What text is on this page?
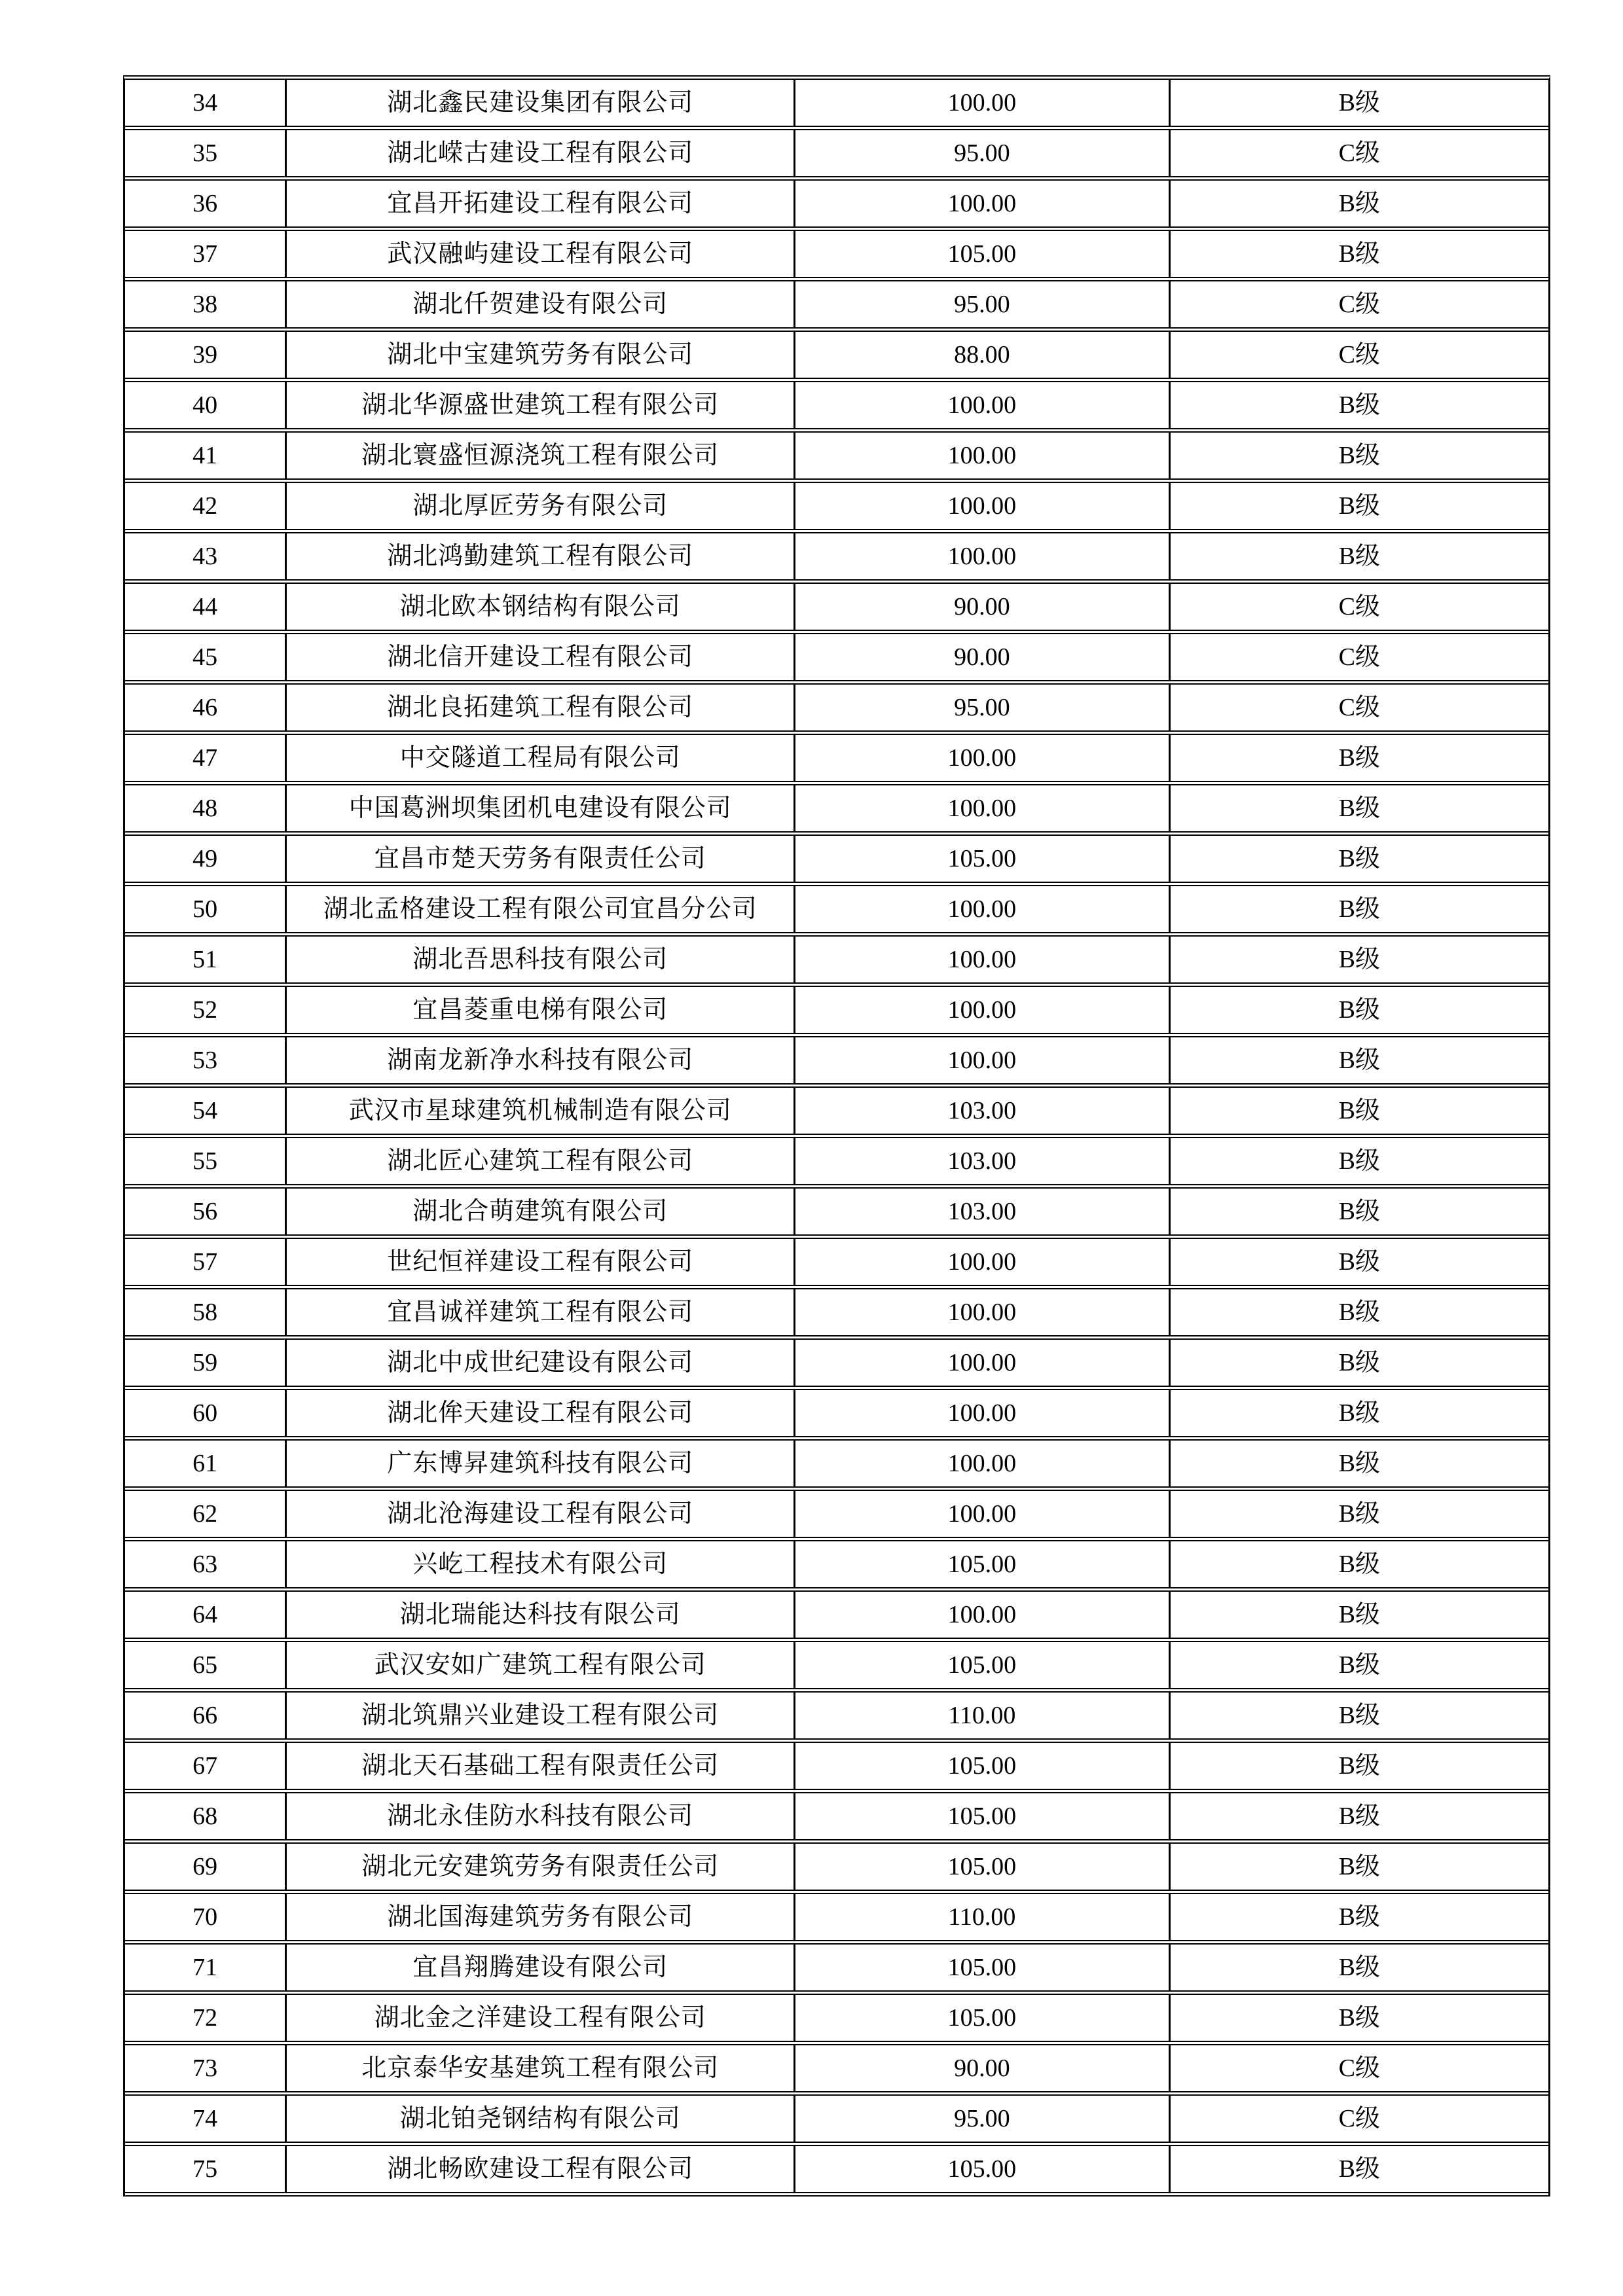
34	湖北鑫民建设集团有限公司	100.00	B级
35	湖北嵘古建设工程有限公司	95.00	C级
36	宜昌开拓建设工程有限公司	100.00	B级
37	武汉融屿建设工程有限公司	105.00	B级
38	湖北仟贺建设有限公司	95.00	C级
39	湖北中宝建筑劳务有限公司	88.00	C级
40	湖北华源盛世建筑工程有限公司	100.00	B级
41	湖北寰盛恒源浇筑工程有限公司	100.00	B级
42	湖北厚匠劳务有限公司	100.00	B级
43	湖北鸿勤建筑工程有限公司	100.00	B级
44	湖北欧本钢结构有限公司	90.00	C级
45	湖北信开建设工程有限公司	90.00	C级
46	湖北良拓建筑工程有限公司	95.00	C级
47	中交隧道工程局有限公司	100.00	B级
48	中国葛洲坝集团机电建设有限公司	100.00	B级
49	宜昌市楚天劳务有限责任公司	105.00	B级
50	湖北孟格建设工程有限公司宜昌分公司	100.00	B级
51	湖北吾思科技有限公司	100.00	B级
52	宜昌菱重电梯有限公司	100.00	B级
53	湖南龙新净水科技有限公司	100.00	B级
54	武汉市星球建筑机械制造有限公司	103.00	B级
55	湖北匠心建筑工程有限公司	103.00	B级
56	湖北合萌建筑有限公司	103.00	B级
57	世纪恒祥建设工程有限公司	100.00	B级
58	宜昌诚祥建筑工程有限公司	100.00	B级
59	湖北中成世纪建设有限公司	100.00	B级
60	湖北侔天建设工程有限公司	100.00	B级
61	广东博昇建筑科技有限公司	100.00	B级
62	湖北沧海建设工程有限公司	100.00	B级
63	兴屹工程技术有限公司	105.00	B级
64	湖北瑞能达科技有限公司	100.00	B级
65	武汉安如广建筑工程有限公司	105.00	B级
66	湖北筑鼎兴业建设工程有限公司	110.00	B级
67	湖北天石基础工程有限责任公司	105.00	B级
68	湖北永佳防水科技有限公司	105.00	B级
69	湖北元安建筑劳务有限责任公司	105.00	B级
70	湖北国海建筑劳务有限公司	110.00	B级
71	宜昌翔腾建设有限公司	105.00	B级
72	湖北金之洋建设工程有限公司	105.00	B级
73	北京泰华安基建筑工程有限公司	90.00	C级
74	湖北铂尧钢结构有限公司	95.00	C级
75	湖北畅欧建设工程有限公司	105.00	B级
